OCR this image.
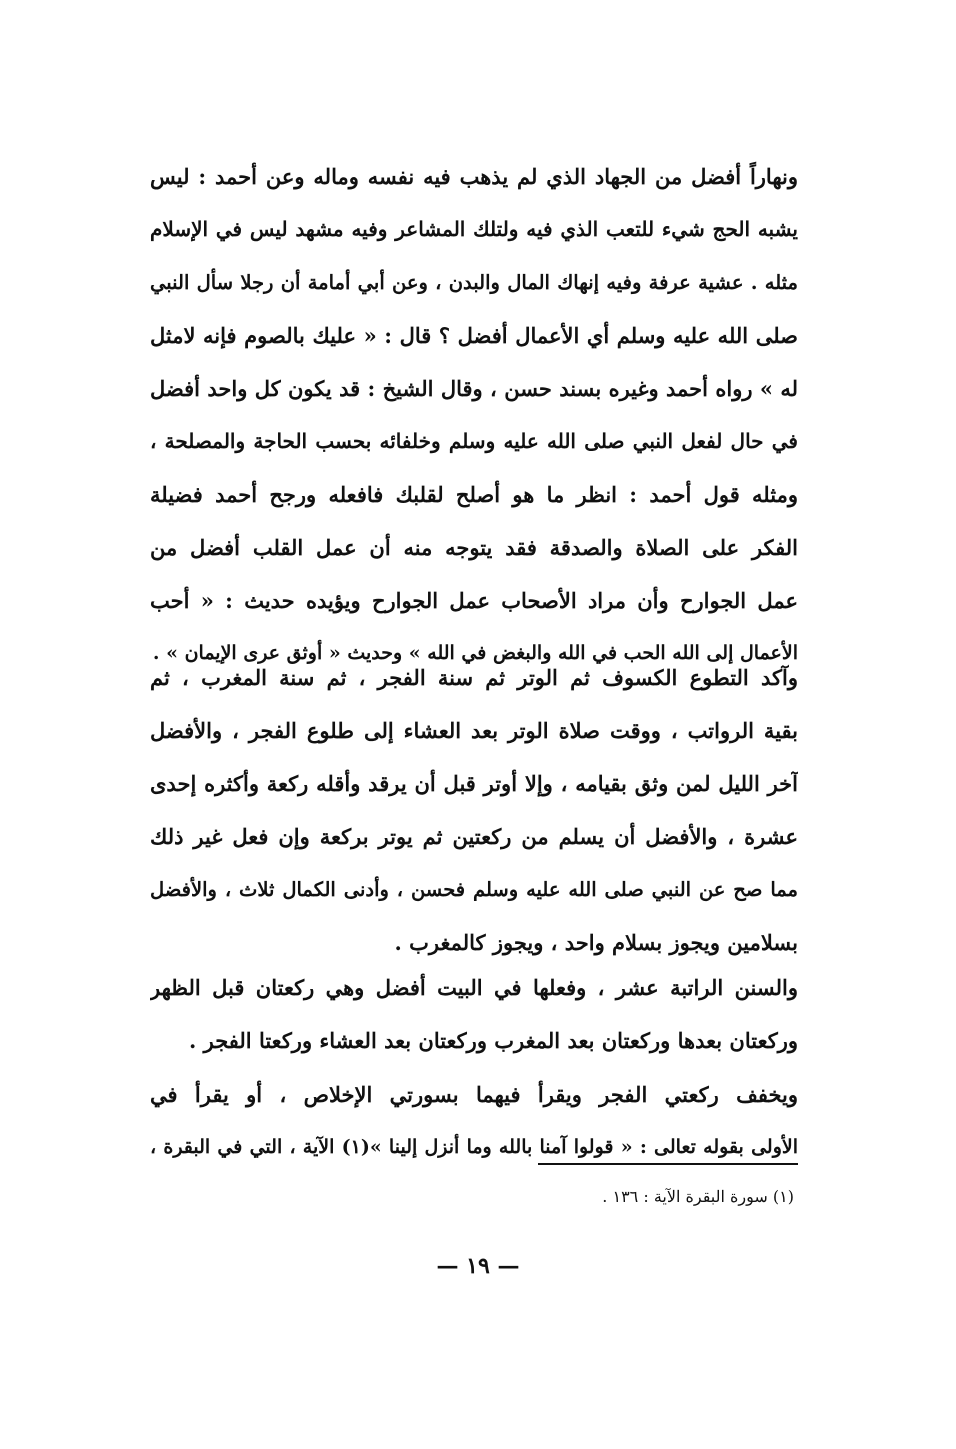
ونهاراً أفضل من الجهاد الذي لم يذهب فيه نفسه وماله وعن أحمد : ليس
يشبه الحج شيء للتعب الذي فيه ولتلك المشاعر وفيه مشهد ليس في الإسلام
مثله . عشية عرفة وفيه إنهاك المال والبدن ، وعن أبي أمامة أن رجلا سأل النبي
صلى الله عليه وسلم أي الأعمال أفضل ؟ قال : « عليك بالصوم فإنه لامثل
له » رواه أحمد وغيره بسند حسن ، وقال الشيخ : قد يكون كل واحد أفضل
في حال لفعل النبي صلى الله عليه وسلم وخلفائه بحسب الحاجة والمصلحة ،
ومثله قول أحمد : انظر ما هو أصلح لقلبك فافعله ورجح أحمد فضيلة
الفكر على الصلاة والصدقة فقد يتوجه منه أن عمل القلب أفضل من
عمل الجوارح وأن مراد الأصحاب عمل الجوارح ويؤيده حديث : « أحب
الأعمال إلى الله الحب في الله والبغض في الله » وحديث « أوثق عرى الإيمان » .
وآكد التطوع الكسوف ثم الوتر ثم سنة الفجر ، ثم سنة المغرب ، ثم
بقية الرواتب ، ووقت صلاة الوتر بعد العشاء إلى طلوع الفجر ، والأفضل
آخر الليل لمن وثق بقيامه ، وإلا أوتر قبل أن يرقد وأقله ركعة وأكثره إحدى
عشرة ، والأفضل أن يسلم من ركعتين ثم يوتر بركعة وإن فعل غير ذلك
مما صح عن النبي صلى الله عليه وسلم فحسن ، وأدنى الكمال ثلاث ، والأفضل
بسلامين ويجوز بسلام واحد ، ويجوز كالمغرب .
والسنن الراتبة عشر ، وفعلها في البيت أفضل وهي ركعتان قبل الظهر
وركعتان بعدها وركعتان بعد المغرب وركعتان بعد العشاء وركعتا الفجر .
ويخفف ركعتي الفجر ويقرأ فيهما بسورتي الإخلاص ، أو يقرأ في
الأولى بقوله تعالى : « قولوا آمنا بالله وما أنزل إلينا »(١) الآية ، التي في البقرة ،
(١) سورة البقرة الآية : ١٣٦ .
— ١٩ —
